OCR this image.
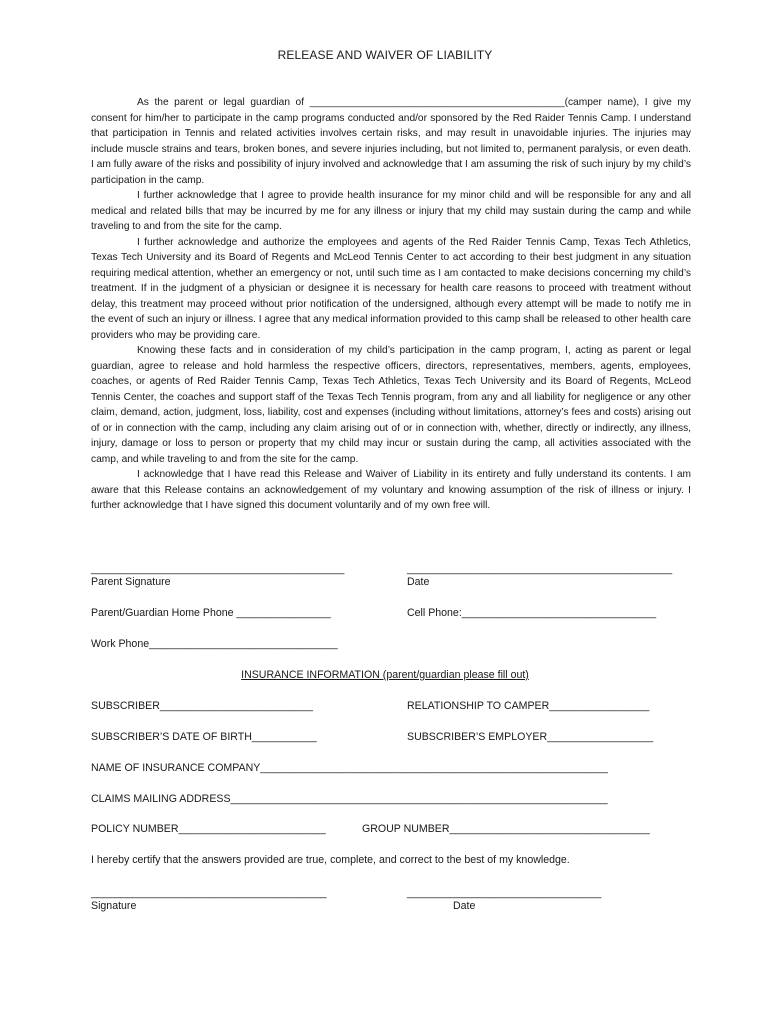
RELEASE AND WAIVER OF LIABILITY

As the parent or legal guardian of _____________________________________________(camper name), I give my consent for him/her to participate in the camp programs conducted and/or sponsored by the Red Raider Tennis Camp. I understand that participation in Tennis and related activities involves certain risks, and may result in unavoidable injuries. The injuries may include muscle strains and tears, broken bones, and severe injuries including, but not limited to, permanent paralysis, or even death. I am fully aware of the risks and possibility of injury involved and acknowledge that I am assuming the risk of such injury by my child’s participation in the camp.

I further acknowledge that I agree to provide health insurance for my minor child and will be responsible for any and all medical and related bills that may be incurred by me for any illness or injury that my child may sustain during the camp and while traveling to and from the site for the camp.

I further acknowledge and authorize the employees and agents of the Red Raider Tennis Camp, Texas Tech Athletics, Texas Tech University and its Board of Regents and McLeod Tennis Center to act according to their best judgment in any situation requiring medical attention, whether an emergency or not, until such time as I am contacted to make decisions concerning my child’s treatment. If in the judgment of a physician or designee it is necessary for health care reasons to proceed with treatment without delay, this treatment may proceed without prior notification of the undersigned, although every attempt will be made to notify me in the event of such an injury or illness. I agree that any medical information provided to this camp shall be released to other health care providers who may be providing care.

Knowing these facts and in consideration of my child’s participation in the camp program, I, acting as parent or legal guardian, agree to release and hold harmless the respective officers, directors, representatives, members, agents, employees, coaches, or agents of Red Raider Tennis Camp, Texas Tech Athletics, Texas Tech University and its Board of Regents, McLeod Tennis Center, the coaches and support staff of the Texas Tech Tennis program, from any and all liability for negligence or any other claim, demand, action, judgment, loss, liability, cost and expenses (including without limitations, attorney’s fees and costs) arising out of or in connection with the camp, including any claim arising out of or in connection with, whether, directly or indirectly, any illness, injury, damage or loss to person or property that my child may incur or sustain during the camp, all activities associated with the camp, and while traveling to and from the site for the camp.

I acknowledge that I have read this Release and Waiver of Liability in its entirety and fully understand its contents. I am aware that this Release contains an acknowledgement of my voluntary and knowing assumption of the risk of illness or injury. I further acknowledge that I have signed this document voluntarily and of my own free will.

___________________________________________
Parent Signature
_____________________________________________
Date
Parent/Guardian Home Phone ________________	Cell Phone:_________________________________
Work Phone________________________________
INSURANCE INFORMATION (parent/guardian please fill out)
SUBSCRIBER__________________________	RELATIONSHIP TO CAMPER_________________
SUBSCRIBER’S DATE OF BIRTH___________	SUBSCRIBER’S EMPLOYER__________________
NAME OF INSURANCE COMPANY___________________________________________________________
CLAIMS MAILING ADDRESS________________________________________________________________
POLICY NUMBER_________________________	GROUP NUMBER__________________________________
I hereby certify that the answers provided are true, complete, and correct to the best of my knowledge.
________________________________________
Signature
_________________________________
Date
